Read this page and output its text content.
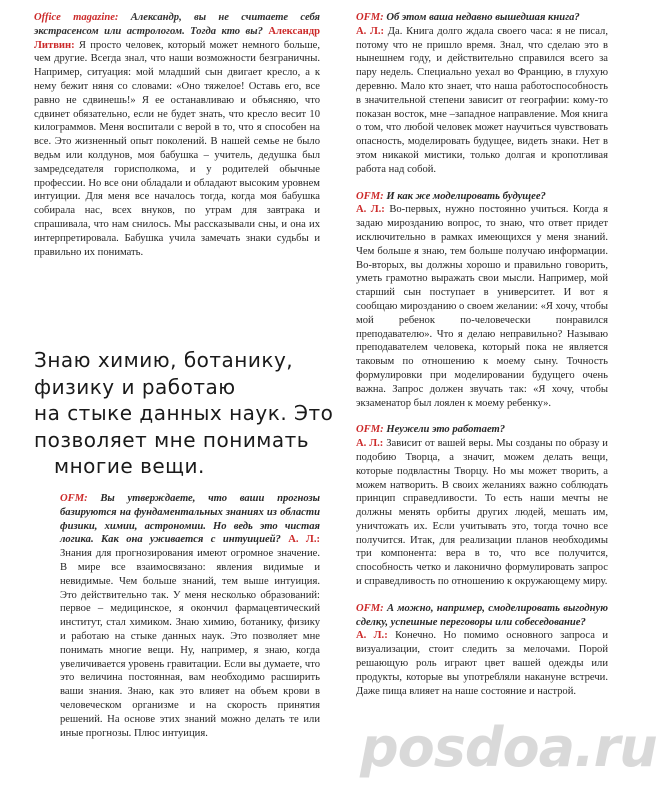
Office magazine: Александр, вы не считаете себя экстрасенсом или астрологом. Тогда кто вы? Александр Литвин: Я просто человек, который может немного больше, чем другие. Всегда знал, что наши возможности безграничны. Например, ситуация: мой младший сын двигает кресло, а к нему бежит няня со словами: «Оно тяжелое! Оставь его, все равно не сдвинешь!» Я ее останавливаю и объясняю, что сдвинет обязательно, если не будет знать, что кресло весит 10 килограммов. Меня воспитали с верой в то, что я способен на все. Это жизненный опыт поколений. В нашей семье не было ведьм или колдунов, моя бабушка – учитель, дедушка был замредседателя горисполкома, и у родителей обычные профессии. Но все они обладали и обладают высоким уровнем интуиции. Для меня все началось тогда, когда моя бабушка собирала нас, всех внуков, по утрам для завтрака и спрашивала, что нам снилось. Мы рассказывали сны, и она их интерпретировала. Бабушка учила замечать знаки судьбы и правильно их понимать.

Знаю химию, ботанику,
физику и работаю
на стыке данных наук. Это
позволяет мне понимать
многие вещи.

OFM: Вы утверждаете, что ваши прогнозы базируются на фундаментальных знаниях из области физики, химии, астрономии. Но ведь это чистая логика. Как она уживается с интуицией? А. Л.: Знания для прогнозирования имеют огромное значение. В мире все взаимосвязано: явления видимые и невидимые. Чем больше знаний, тем выше интуиция. Это действительно так. У меня несколько образований: первое – медицинское, я окончил фармацевтический институт, стал химиком. Знаю химию, ботанику, физику и работаю на стыке данных наук. Это позволяет мне понимать многие вещи. Ну, например, я знаю, когда увеличивается уровень гравитации. Если вы думаете, что это величина постоянная, вам необходимо расширить ваши знания. Знаю, как это влияет на объем крови в человеческом организме и на скорость принятия решений. На основе этих знаний можно делать те или иные прогнозы. Плюс интуиция.

OFM: Об этом ваша недавно вышедшая книга?
А. Л.: Да. Книга долго ждала своего часа: я не писал, потому что не пришло время. Знал, что сделаю это в нынешнем году, и действительно справился всего за пару недель. Специально уехал во Францию, в глухую деревню. Мало кто знает, что наша работоспособность в значительной степени зависит от географии: кому-то показан восток, мне –западное направление. Моя книга о том, что любой человек может научиться чувствовать опасность, моделировать будущее, видеть знаки. Нет в этом никакой мистики, только долгая и кропотливая работа над собой.

OFM: И как же моделировать будущее?
А. Л.: Во-первых, нужно постоянно учиться. Когда я задаю мирозданию вопрос, то знаю, что ответ придет исключительно в рамках имеющихся у меня знаний. Чем больше я знаю, тем больше получаю информации. Во-вторых, вы должны хорошо и правильно говорить, уметь грамотно выражать свои мысли. Например, мой старший сын поступает в университет. И вот я сообщаю мирозданию о своем желании: «Я хочу, чтобы мой ребенок по-человечески понравился преподавателю». Что я делаю неправильно? Называю преподавателем человека, который пока не является таковым по отношению к моему сыну. Точность формулировки при моделировании будущего очень важна. Запрос должен звучать так: «Я хочу, чтобы экзаменатор был лоялен к моему ребенку».

OFM: Неужели это работает?
А. Л.: Зависит от вашей веры. Мы созданы по образу и подобию Творца, а значит, можем делать вещи, которые подвластны Творцу. Но мы может творить, а можем натворить. В своих желаниях важно соблюдать принцип справедливости. То есть наши мечты не должны менять орбиты других людей, мешать им, уничтожать их. Если учитывать это, тогда точно все получится. Итак, для реализации планов необходимы три компонента: вера в то, что все получится, способность четко и лаконично формулировать запрос и справедливость по отношению к окружающему миру.

OFM: А можно, например, смоделировать выгодную сделку, успешные переговоры или собеседование?
А. Л.: Конечно. Но помимо основного запроса и визуализации, стоит следить за мелочами. Порой решающую роль играют цвет вашей одежды или продукты, которые вы употребляли накануне встречи. Даже пища влияет на наше состояние и настрой.

posdoa.ru
